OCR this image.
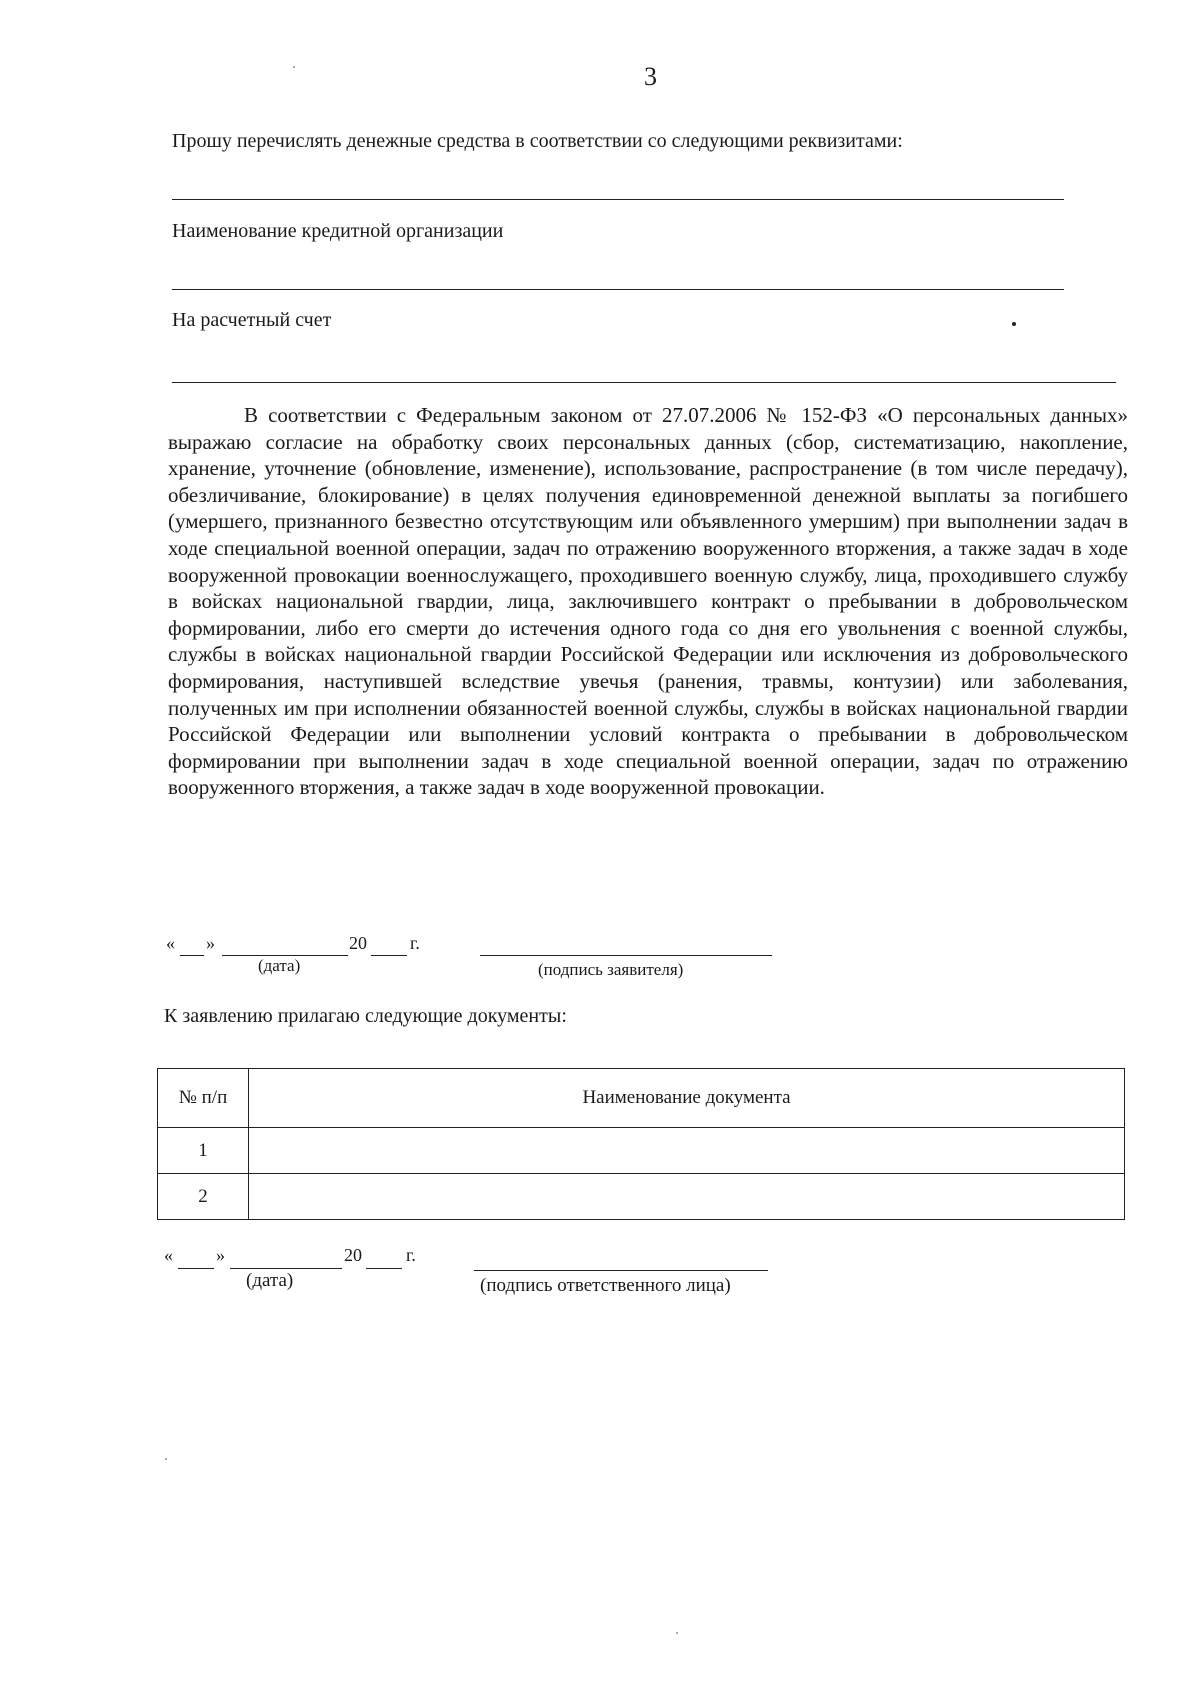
3
Прошу перечислять денежные средства в соответствии со следующими реквизитами:
Наименование кредитной организации
На расчетный счет
В соответствии с Федеральным законом от 27.07.2006 № 152-ФЗ «О персональных данных» выражаю согласие на обработку своих персональных данных (сбор, систематизацию, накопление, хранение, уточнение (обновление, изменение), использование, распространение (в том числе передачу), обезличивание, блокирование) в целях получения единовременной денежной выплаты за погибшего (умершего, признанного безвестно отсутствующим или объявленного умершим) при выполнении задач в ходе специальной военной операции, задач по отражению вооруженного вторжения, а также задач в ходе вооруженной провокации военнослужащего, проходившего военную службу, лица, проходившего службу в войсках национальной гвардии, лица, заключившего контракт о пребывании в добровольческом формировании, либо его смерти до истечения одного года со дня его увольнения с военной службы, службы в войсках национальной гвардии Российской Федерации или исключения из добровольческого формирования, наступившей вследствие увечья (ранения, травмы, контузии) или заболевания, полученных им при исполнении обязанностей военной службы, службы в войсках национальной гвардии Российской Федерации или выполнении условий контракта о пребывании в добровольческом формировании при выполнении задач в ходе специальной военной операции, задач по отражению вооруженного вторжения, а также задач в ходе вооруженной провокации.
« »	20 г.
(дата)	(подпись заявителя)
К заявлению прилагаю следующие документы:
№ п/п	Наименование документа
1	
2	
« »	20 г.
(дата)	(подпись ответственного лица)
